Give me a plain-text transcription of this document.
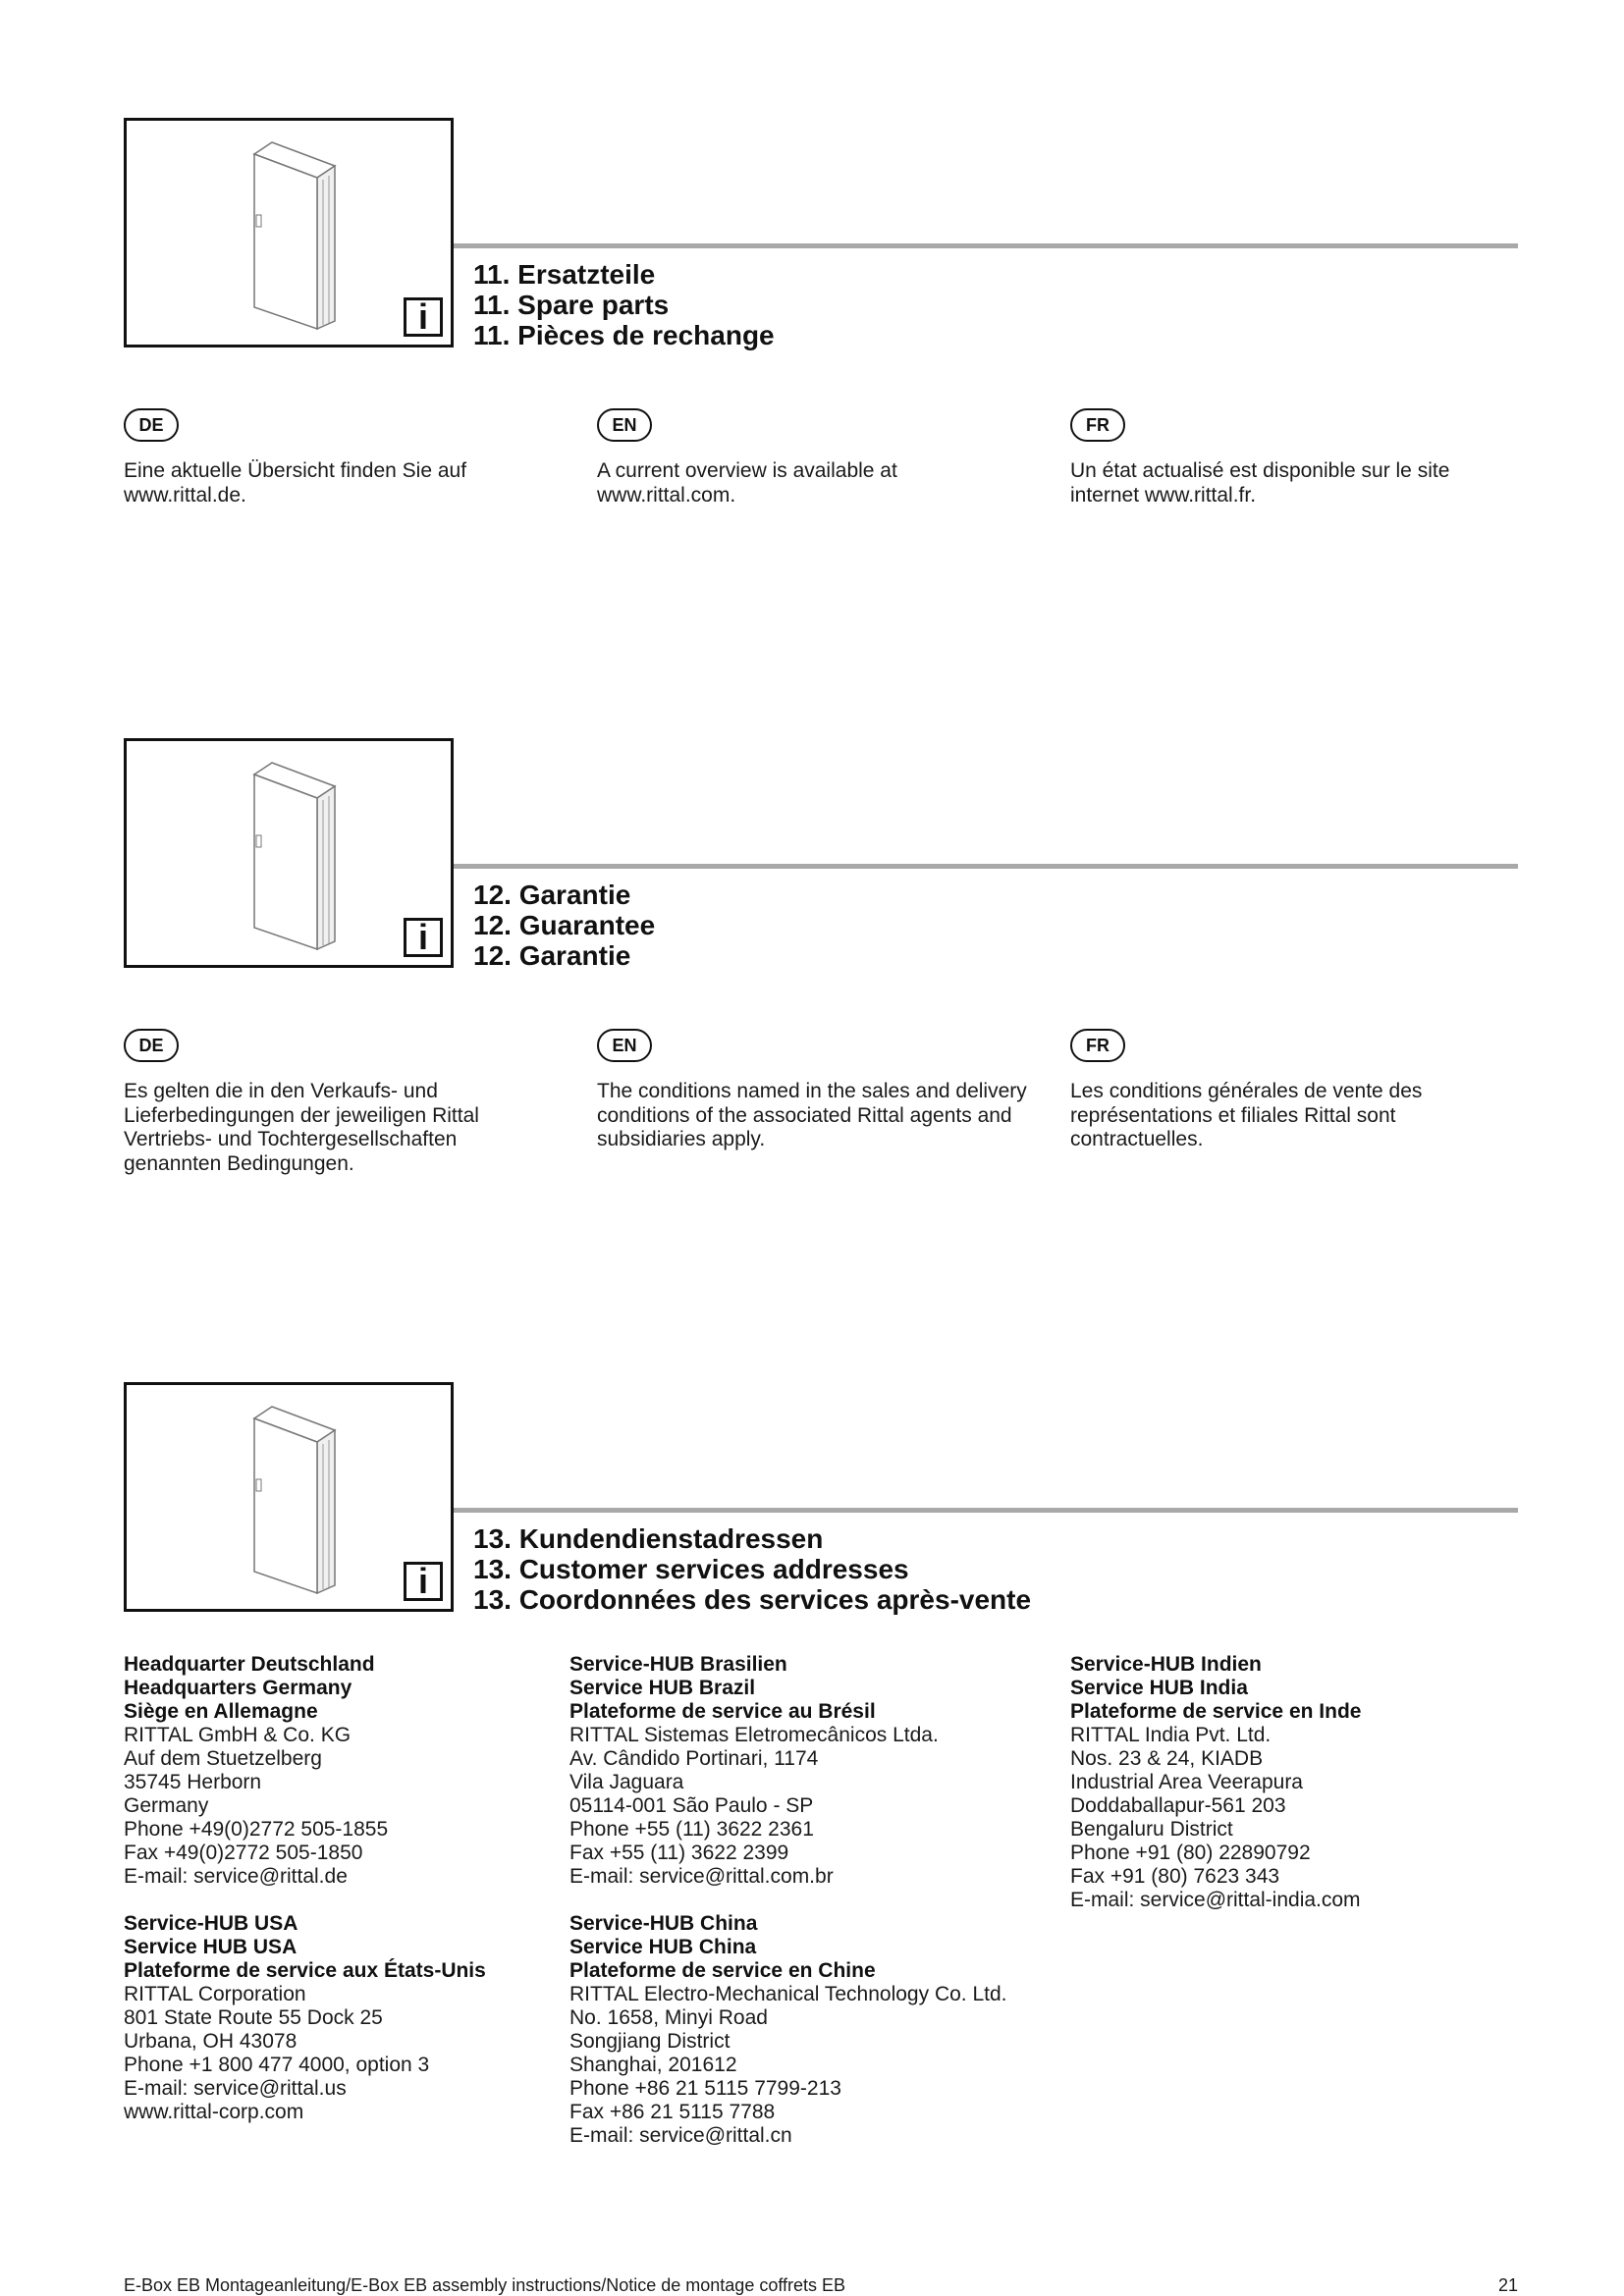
i
11. Ersatzteile
11. Spare parts
11. Pièces de rechange
DE	EN	FR
Eine aktuelle Übersicht finden Sie auf www.rittal.de.
A current overview is available at www.rittal.com.
Un état actualisé est disponible sur le site internet www.rittal.fr.
i
12. Garantie
12. Guarantee
12. Garantie
DE	EN	FR
Es gelten die in den Verkaufs- und Lieferbedingungen der jeweiligen Rittal Vertriebs- und Tochtergesellschaften genannten Bedingungen.
The conditions named in the sales and delivery conditions of the associated Rittal agents and subsidiaries apply.
Les conditions générales de vente des représentations et filiales Rittal sont contractuelles.
i
13. Kundendienstadressen
13. Customer services addresses
13. Coordonnées des services après-vente
Headquarter Deutschland
Headquarters Germany
Siège en Allemagne
RITTAL GmbH & Co. KG
Auf dem Stuetzelberg
35745 Herborn
Germany
Phone +49(0)2772 505-1855
Fax +49(0)2772 505-1850
E-mail: service@rittal.de
Service-HUB USA
Service HUB USA
Plateforme de service aux États-Unis
RITTAL Corporation
801 State Route 55 Dock 25
Urbana, OH 43078
Phone +1 800 477 4000, option 3
E-mail: service@rittal.us
www.rittal-corp.com
Service-HUB Brasilien
Service HUB Brazil
Plateforme de service au Brésil
RITTAL Sistemas Eletromecânicos Ltda.
Av. Cândido Portinari, 1174
Vila Jaguara
05114-001 São Paulo - SP
Phone +55 (11) 3622 2361
Fax +55 (11) 3622 2399
E-mail: service@rittal.com.br
Service-HUB China
Service HUB China
Plateforme de service en Chine
RITTAL Electro-Mechanical Technology Co. Ltd.
No. 1658, Minyi Road
Songjiang District
Shanghai, 201612
Phone +86 21 5115 7799-213
Fax +86 21 5115 7788
E-mail: service@rittal.cn
Service-HUB Indien
Service HUB India
Plateforme de service en Inde
RITTAL India Pvt. Ltd.
Nos. 23 & 24, KIADB
Industrial Area Veerapura
Doddaballapur-561 203
Bengaluru District
Phone +91 (80) 22890792
Fax +91 (80) 7623 343
E-mail: service@rittal-india.com
E-Box EB Montageanleitung/E-Box EB assembly instructions/Notice de montage coffrets EB	21
